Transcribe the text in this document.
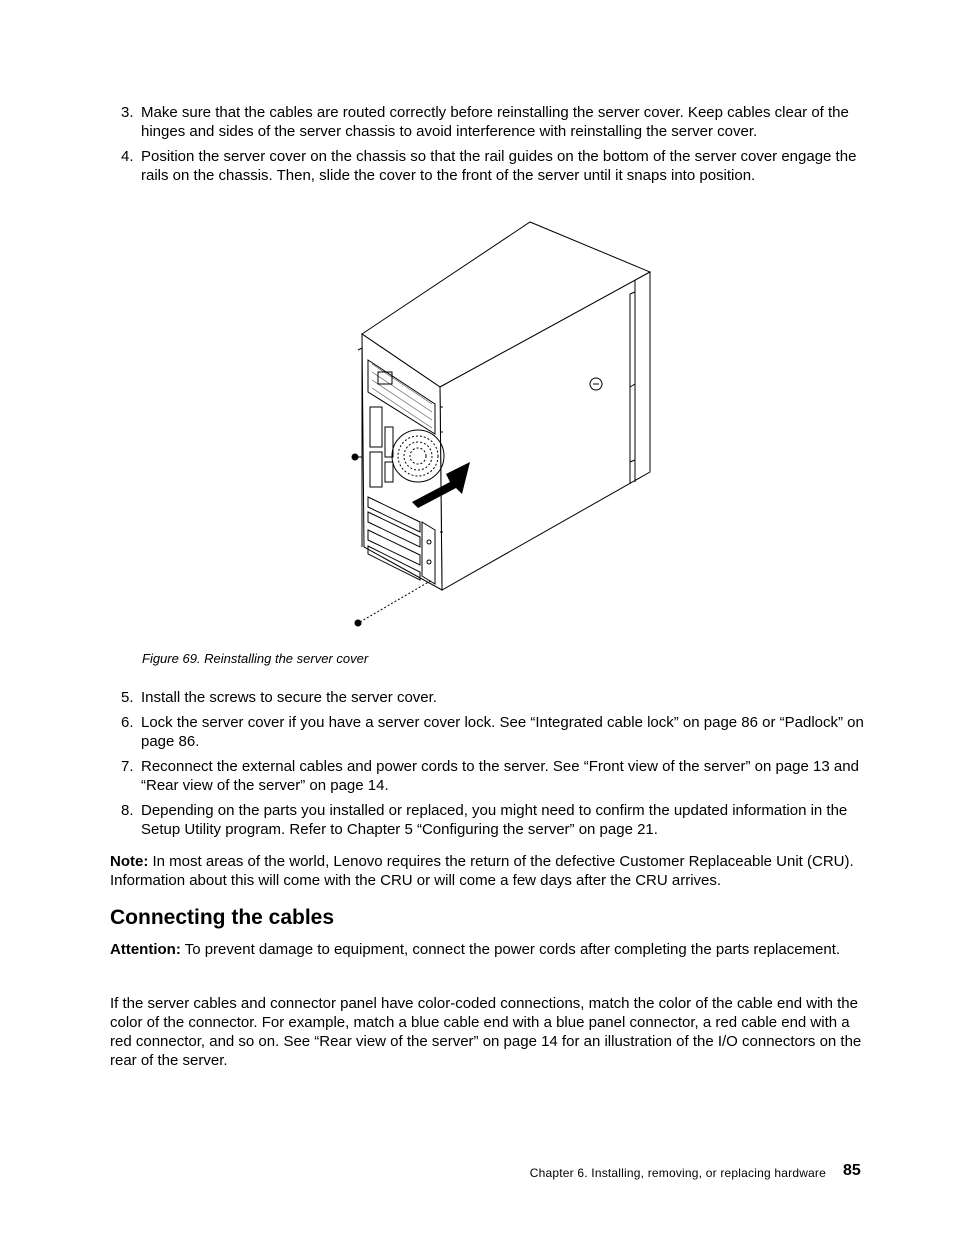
3. Make sure that the cables are routed correctly before reinstalling the server cover. Keep cables clear of the hinges and sides of the server chassis to avoid interference with reinstalling the server cover.
4. Position the server cover on the chassis so that the rail guides on the bottom of the server cover engage the rails on the chassis. Then, slide the cover to the front of the server until it snaps into position.
Figure 69. Reinstalling the server cover
5. Install the screws to secure the server cover.
6. Lock the server cover if you have a server cover lock. See “Integrated cable lock” on page 86 or “Padlock” on page 86.
7. Reconnect the external cables and power cords to the server. See “Front view of the server” on page 13 and “Rear view of the server” on page 14.
8. Depending on the parts you installed or replaced, you might need to confirm the updated information in the Setup Utility program. Refer to Chapter 5 “Configuring the server” on page 21.
Note: In most areas of the world, Lenovo requires the return of the defective Customer Replaceable Unit (CRU). Information about this will come with the CRU or will come a few days after the CRU arrives.
Connecting the cables
Attention: To prevent damage to equipment, connect the power cords after completing the parts replacement.
If the server cables and connector panel have color-coded connections, match the color of the cable end with the color of the connector. For example, match a blue cable end with a blue panel connector, a red cable end with a red connector, and so on. See “Rear view of the server” on page 14 for an illustration of the I/O connectors on the rear of the server.
Chapter 6. Installing, removing, or replacing hardware 85
